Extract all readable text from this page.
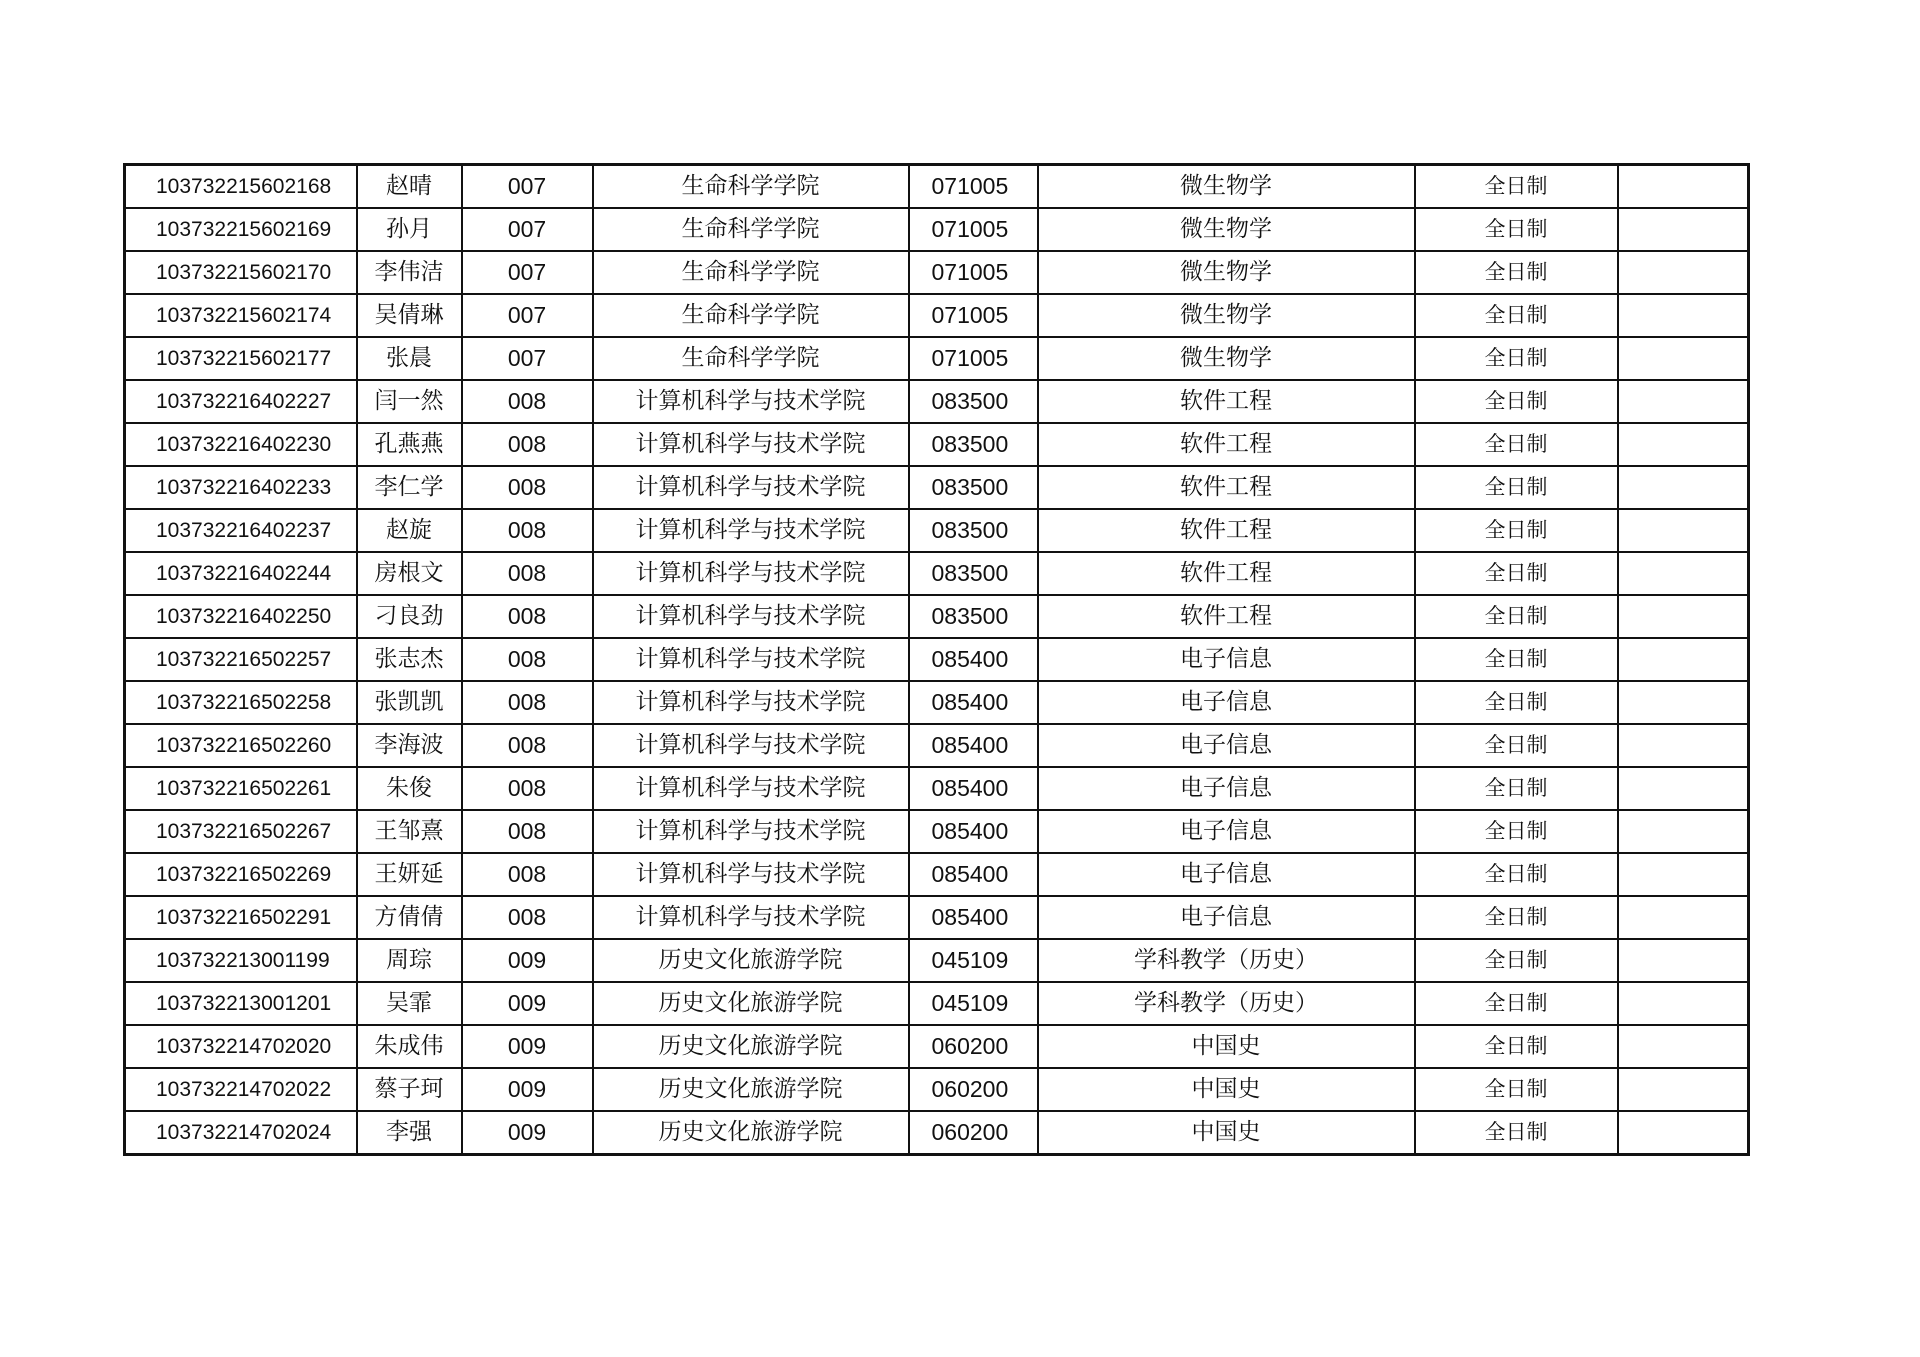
103732215602168	赵晴	007	生命科学学院	071005	微生物学	全日制	
103732215602169	孙月	007	生命科学学院	071005	微生物学	全日制	
103732215602170	李伟洁	007	生命科学学院	071005	微生物学	全日制	
103732215602174	吴倩琳	007	生命科学学院	071005	微生物学	全日制	
103732215602177	张晨	007	生命科学学院	071005	微生物学	全日制	
103732216402227	闫一然	008	计算机科学与技术学院	083500	软件工程	全日制	
103732216402230	孔燕燕	008	计算机科学与技术学院	083500	软件工程	全日制	
103732216402233	李仁学	008	计算机科学与技术学院	083500	软件工程	全日制	
103732216402237	赵旋	008	计算机科学与技术学院	083500	软件工程	全日制	
103732216402244	房根文	008	计算机科学与技术学院	083500	软件工程	全日制	
103732216402250	刁良劲	008	计算机科学与技术学院	083500	软件工程	全日制	
103732216502257	张志杰	008	计算机科学与技术学院	085400	电子信息	全日制	
103732216502258	张凯凯	008	计算机科学与技术学院	085400	电子信息	全日制	
103732216502260	李海波	008	计算机科学与技术学院	085400	电子信息	全日制	
103732216502261	朱俊	008	计算机科学与技术学院	085400	电子信息	全日制	
103732216502267	王邹熹	008	计算机科学与技术学院	085400	电子信息	全日制	
103732216502269	王妍延	008	计算机科学与技术学院	085400	电子信息	全日制	
103732216502291	方倩倩	008	计算机科学与技术学院	085400	电子信息	全日制	
103732213001199	周琮	009	历史文化旅游学院	045109	学科教学（历史）	全日制	
103732213001201	吴霏	009	历史文化旅游学院	045109	学科教学（历史）	全日制	
103732214702020	朱成伟	009	历史文化旅游学院	060200	中国史	全日制	
103732214702022	蔡子珂	009	历史文化旅游学院	060200	中国史	全日制	
103732214702024	李强	009	历史文化旅游学院	060200	中国史	全日制	
